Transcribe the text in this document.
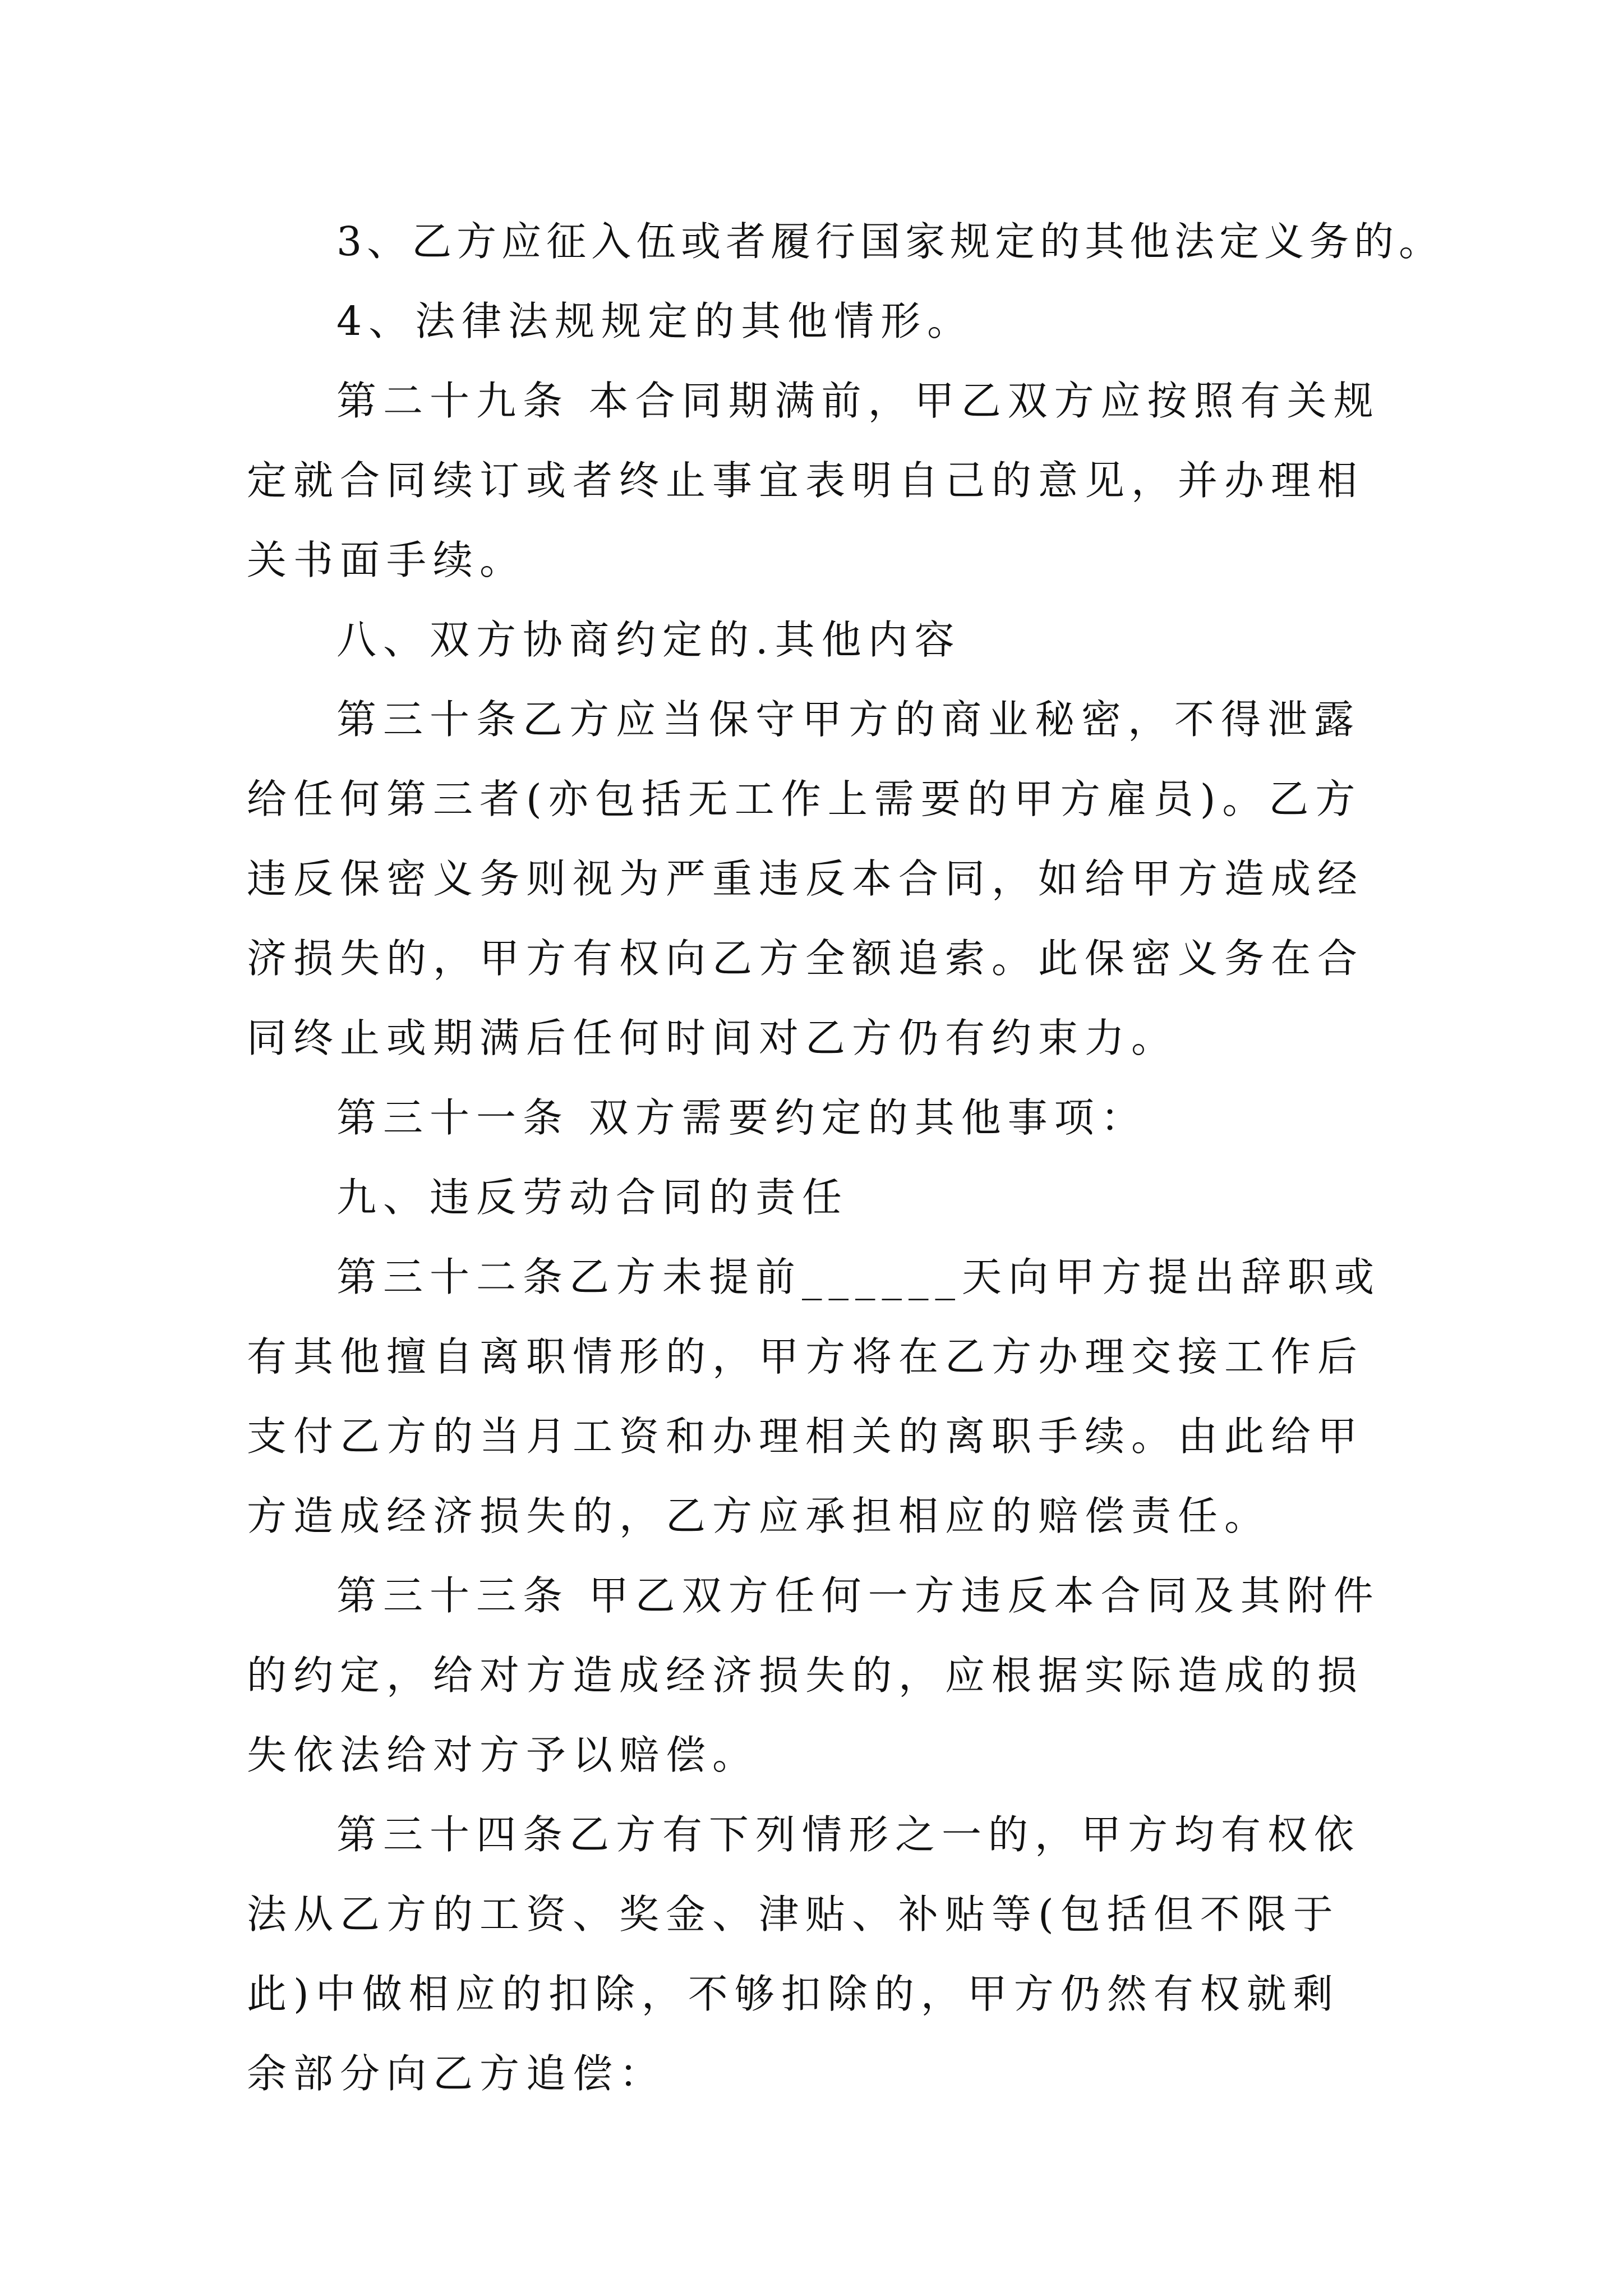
3、乙方应征入伍或者履行国家规定的其他法定义务的。

4、法律法规规定的其他情形。

第二十九条 本合同期满前，甲乙双方应按照有关规定就合同续订或者终止事宜表明自己的意见，并办理相关书面手续。

八、双方协商约定的.其他内容

第三十条乙方应当保守甲方的商业秘密，不得泄露给任何第三者(亦包括无工作上需要的甲方雇员)。乙方违反保密义务则视为严重违反本合同，如给甲方造成经济损失的，甲方有权向乙方全额追索。此保密义务在合同终止或期满后任何时间对乙方仍有约束力。

第三十一条 双方需要约定的其他事项：

九、违反劳动合同的责任

第三十二条乙方未提前______天向甲方提出辞职或有其他擅自离职情形的，甲方将在乙方办理交接工作后支付乙方的当月工资和办理相关的离职手续。由此给甲方造成经济损失的，乙方应承担相应的赔偿责任。

第三十三条 甲乙双方任何一方违反本合同及其附件的约定，给对方造成经济损失的，应根据实际造成的损失依法给对方予以赔偿。

第三十四条乙方有下列情形之一的，甲方均有权依法从乙方的工资、奖金、津贴、补贴等(包括但不限于此)中做相应的扣除，不够扣除的，甲方仍然有权就剩余部分向乙方追偿：
